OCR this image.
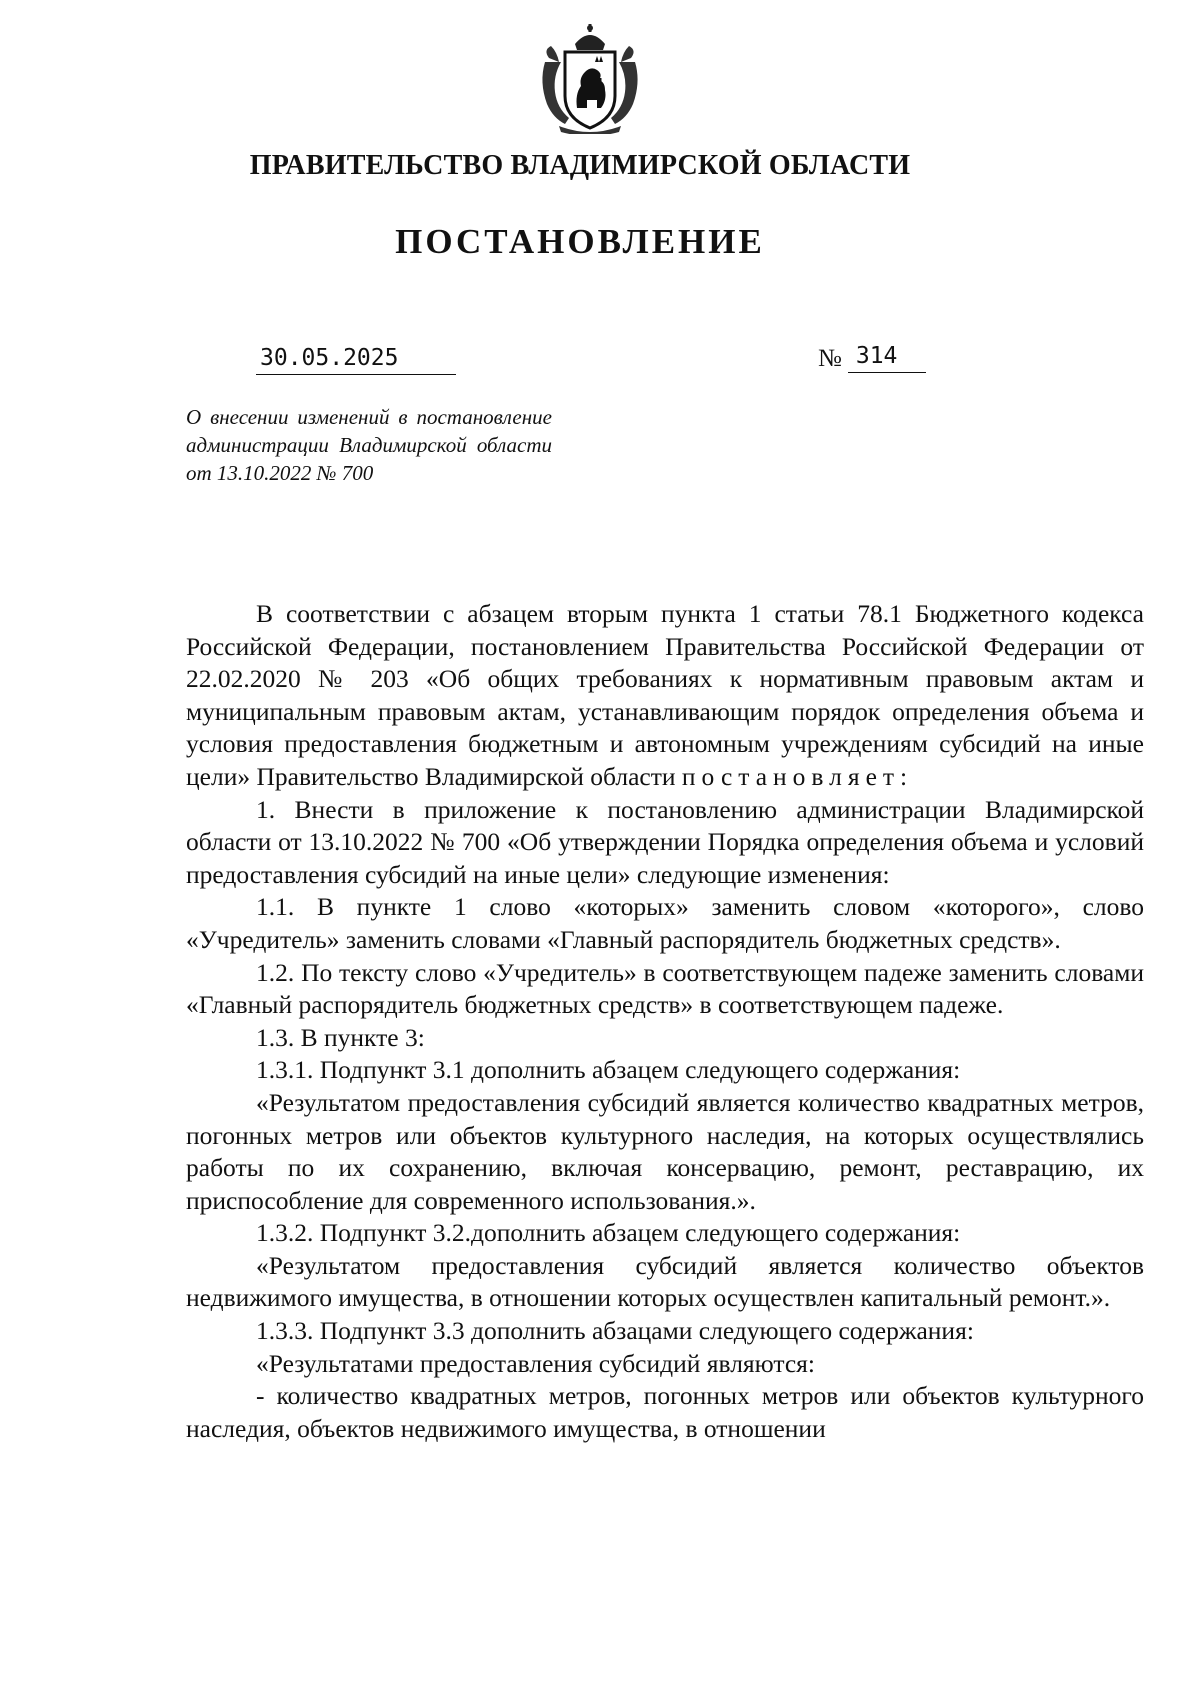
ПРАВИТЕЛЬСТВО ВЛАДИМИРСКОЙ ОБЛАСТИ
ПОСТАНОВЛЕНИЕ
30.05.2025	№ 314
О внесении изменений в постановление администрации Владимирской области от 13.10.2022 № 700

В соответствии с абзацем вторым пункта 1 статьи 78.1 Бюджетного кодекса Российской Федерации, постановлением Правительства Российской Федерации от 22.02.2020 № 203 «Об общих требованиях к нормативным правовым актам и муниципальным правовым актам, устанавливающим порядок определения объема и условия предоставления бюджетным и автономным учреждениям субсидий на иные цели» Правительство Владимирской области постановляет:

1. Внести в приложение к постановлению администрации Владимирской области от 13.10.2022 № 700 «Об утверждении Порядка определения объема и условий предоставления субсидий на иные цели» следующие изменения:

1.1. В пункте 1 слово «которых» заменить словом «которого», слово «Учредитель» заменить словами «Главный распорядитель бюджетных средств».

1.2. По тексту слово «Учредитель» в соответствующем падеже заменить словами «Главный распорядитель бюджетных средств» в соответствующем падеже.

1.3. В пункте 3:

1.3.1. Подпункт 3.1 дополнить абзацем следующего содержания:

«Результатом предоставления субсидий является количество квадратных метров, погонных метров или объектов культурного наследия, на которых осуществлялись работы по их сохранению, включая консервацию, ремонт, реставрацию, их приспособление для современного использования.».

1.3.2. Подпункт 3.2.дополнить абзацем следующего содержания:

«Результатом предоставления субсидий является количество объектов недвижимого имущества, в отношении которых осуществлен капитальный ремонт.».

1.3.3. Подпункт 3.3 дополнить абзацами следующего содержания:

«Результатами предоставления субсидий являются:

- количество квадратных метров, погонных метров или объектов культурного наследия, объектов недвижимого имущества, в отношении
